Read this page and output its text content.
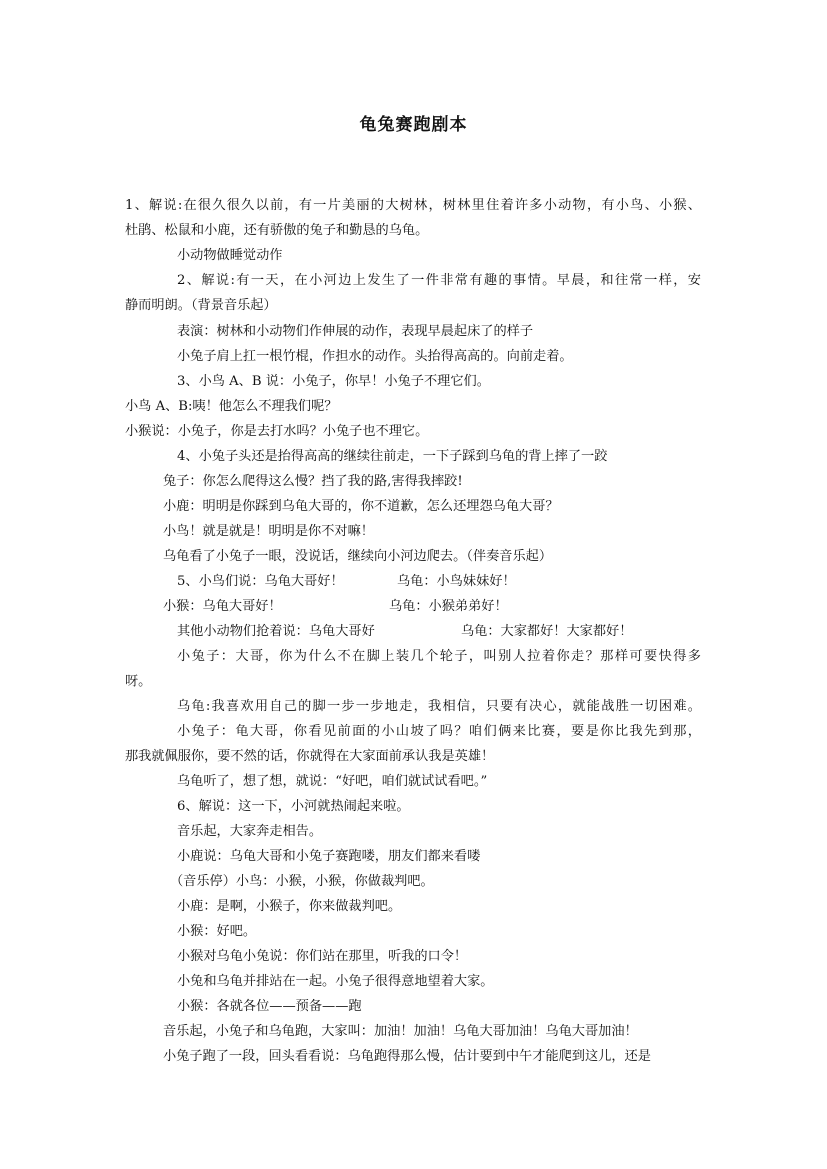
龟兔赛跑剧本
1、解说:在很久很久以前，有一片美丽的大树林，树林里住着许多小动物，有小鸟、小猴、
杜鹃、松鼠和小鹿，还有骄傲的兔子和勤恳的乌龟。
小动物做睡觉动作
2、解说:有一天，在小河边上发生了一件非常有趣的事情。早晨，和往常一样，安
静而明朗。（背景音乐起）
表演：树林和小动物们作伸展的动作，表现早晨起床了的样子
小兔子肩上扛一根竹棍，作担水的动作。头抬得高高的。向前走着。
3、小鸟 A、B 说：小兔子，你早！小兔子不理它们。
小鸟 A、B:咦！他怎么不理我们呢？
小猴说：小兔子，你是去打水吗？小兔子也不理它。
4、小兔子头还是抬得高高的继续往前走，一下子踩到乌龟的背上摔了一跤
兔子：你怎么爬得这么慢？挡了我的路,害得我摔跤!
小鹿：明明是你踩到乌龟大哥的，你不道歉，怎么还埋怨乌龟大哥？
小鸟！就是就是！明明是你不对嘛！
乌龟看了小兔子一眼，没说话，继续向小河边爬去。（伴奏音乐起）
5、小鸟们说：乌龟大哥好！	乌龟：小鸟妹妹好！
小猴：乌龟大哥好！	乌龟：小猴弟弟好！
其他小动物们抢着说：乌龟大哥好	乌龟：大家都好！大家都好！
小兔子：大哥，你为什么不在脚上装几个轮子，叫别人拉着你走？那样可要快得多
呀。
乌龟:我喜欢用自己的脚一步一步地走，我相信，只要有决心，就能战胜一切困难。
小兔子：龟大哥，你看见前面的小山坡了吗？咱们俩来比赛，要是你比我先到那，
那我就佩服你，要不然的话，你就得在大家面前承认我是英雄！
乌龟听了，想了想，就说：“好吧，咱们就试试看吧。”
6、解说：这一下，小河就热闹起来啦。
音乐起，大家奔走相告。
小鹿说：乌龟大哥和小兔子赛跑喽，朋友们都来看喽
（音乐停）小鸟：小猴，小猴，你做裁判吧。
小鹿：是啊，小猴子，你来做裁判吧。
小猴：好吧。
小猴对乌龟小兔说：你们站在那里，听我的口令！
小兔和乌龟并排站在一起。小兔子很得意地望着大家。
小猴：各就各位——预备——跑
音乐起，小兔子和乌龟跑，大家叫：加油！加油！乌龟大哥加油！乌龟大哥加油！
小兔子跑了一段，回头看看说：乌龟跑得那么慢，估计要到中午才能爬到这儿，还是
